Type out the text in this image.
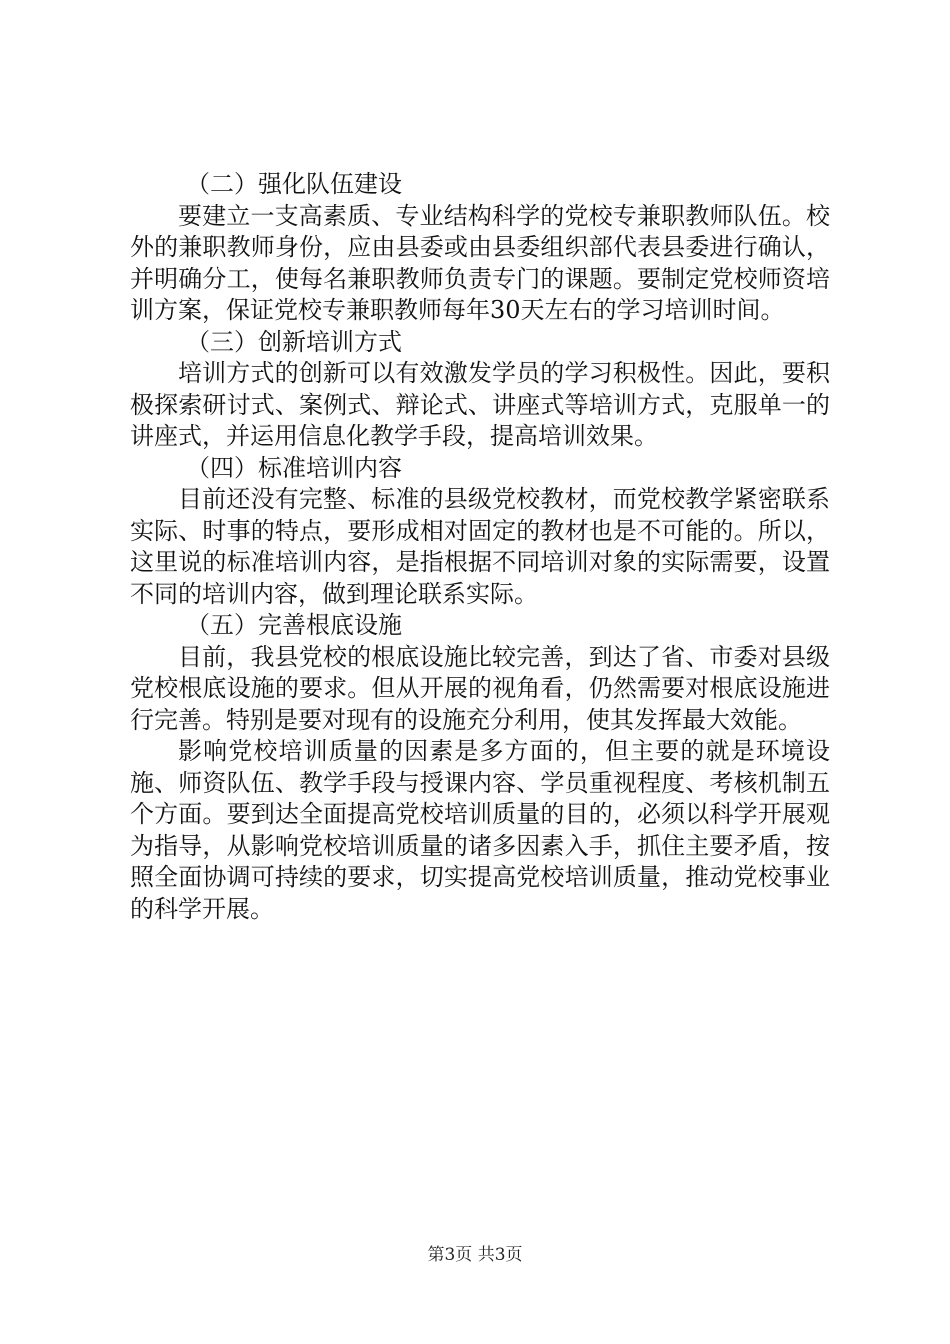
（二）强化队伍建设

要建立一支高素质、专业结构科学的党校专兼职教师队伍。校外的兼职教师身份，应由县委或由县委组织部代表县委进行确认，并明确分工，使每名兼职教师负责专门的课题。要制定党校师资培训方案，保证党校专兼职教师每年30天左右的学习培训时间。

（三）创新培训方式

培训方式的创新可以有效激发学员的学习积极性。因此，要积极探索研讨式、案例式、辩论式、讲座式等培训方式，克服单一的讲座式，并运用信息化教学手段，提高培训效果。

（四）标准培训内容

目前还没有完整、标准的县级党校教材，而党校教学紧密联系实际、时事的特点，要形成相对固定的教材也是不可能的。所以，这里说的标准培训内容，是指根据不同培训对象的实际需要，设置不同的培训内容，做到理论联系实际。

（五）完善根底设施

目前，我县党校的根底设施比较完善，到达了省、市委对县级党校根底设施的要求。但从开展的视角看，仍然需要对根底设施进行完善。特别是要对现有的设施充分利用，使其发挥最大效能。

影响党校培训质量的因素是多方面的，但主要的就是环境设施、师资队伍、教学手段与授课内容、学员重视程度、考核机制五个方面。要到达全面提高党校培训质量的目的，必须以科学开展观为指导，从影响党校培训质量的诸多因素入手，抓住主要矛盾，按照全面协调可持续的要求，切实提高党校培训质量，推动党校事业的科学开展。

第3页 共3页
